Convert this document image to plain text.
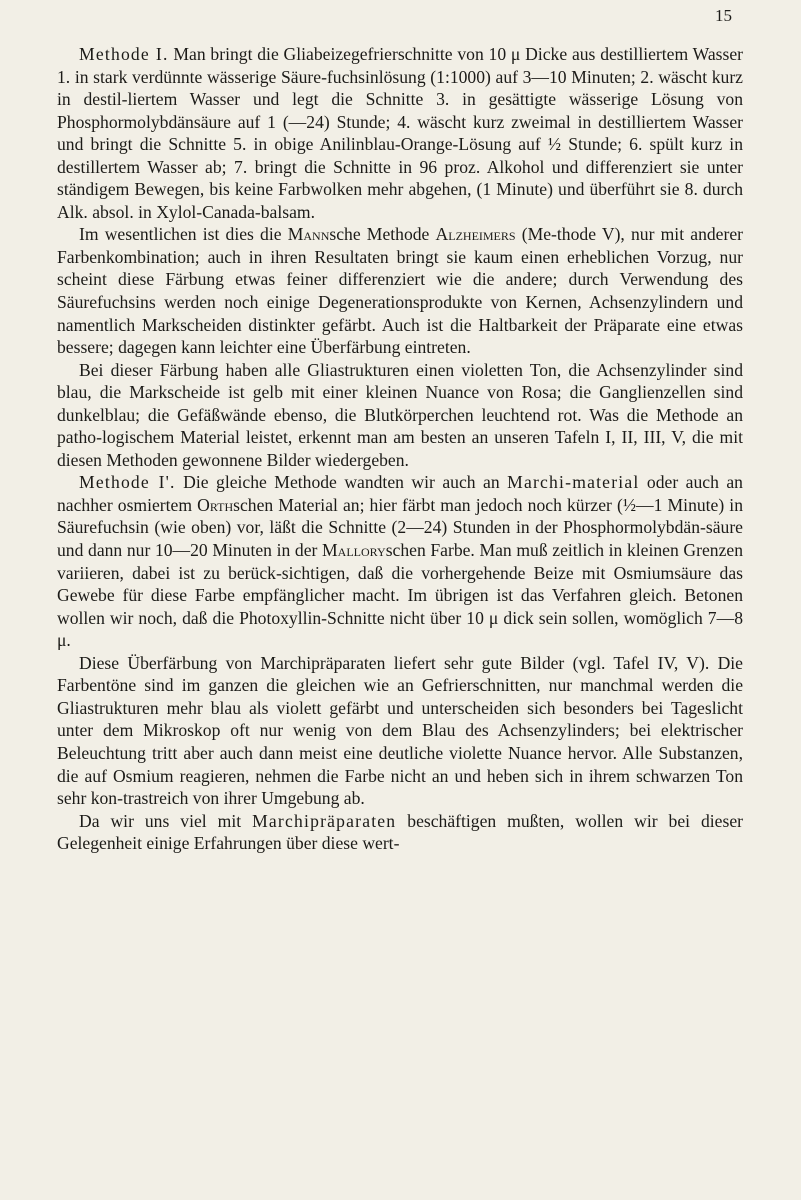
15

Methode I. Man bringt die Gliabeizegefrierschnitte von 10 μ Dicke aus destilliertem Wasser 1. in stark verdünnte wässerige Säure-fuchsinlösung (1:1000) auf 3—10 Minuten; 2. wäscht kurz in destil-liertem Wasser und legt die Schnitte 3. in gesättigte wässerige Lösung von Phosphormolybdänsäure auf 1 (—24) Stunde; 4. wäscht kurz zweimal in destilliertem Wasser und bringt die Schnitte 5. in obige Anilinblau-Orange-Lösung auf ½ Stunde; 6. spült kurz in destillertem Wasser ab; 7. bringt die Schnitte in 96 proz. Alkohol und differenziert sie unter ständigem Bewegen, bis keine Farbwolken mehr abgehen, (1 Minute) und überführt sie 8. durch Alk. absol. in Xylol-Canada-balsam.

Im wesentlichen ist dies die Mannsche Methode Alzheimers (Me-thode V), nur mit anderer Farbenkombination; auch in ihren Resultaten bringt sie kaum einen erheblichen Vorzug, nur scheint diese Färbung etwas feiner differenziert wie die andere; durch Verwendung des Säurefuchsins werden noch einige Degenerationsprodukte von Kernen, Achsenzylindern und namentlich Markscheiden distinkter gefärbt. Auch ist die Haltbarkeit der Präparate eine etwas bessere; dagegen kann leichter eine Überfärbung eintreten.

Bei dieser Färbung haben alle Gliastrukturen einen violetten Ton, die Achsenzylinder sind blau, die Markscheide ist gelb mit einer kleinen Nuance von Rosa; die Ganglienzellen sind dunkelblau; die Gefäßwände ebenso, die Blutkörperchen leuchtend rot. Was die Methode an patho-logischem Material leistet, erkennt man am besten an unseren Tafeln I, II, III, V, die mit diesen Methoden gewonnene Bilder wiedergeben.

Methode I'. Die gleiche Methode wandten wir auch an Marchi-material oder auch an nachher osmiertem Orthschen Material an; hier färbt man jedoch noch kürzer (½—1 Minute) in Säurefuchsin (wie oben) vor, läßt die Schnitte (2—24) Stunden in der Phosphormolybdän-säure und dann nur 10—20 Minuten in der Malloryschen Farbe. Man muß zeitlich in kleinen Grenzen variieren, dabei ist zu berück-sichtigen, daß die vorhergehende Beize mit Osmiumsäure das Gewebe für diese Farbe empfänglicher macht. Im übrigen ist das Verfahren gleich. Betonen wollen wir noch, daß die Photoxyllin-Schnitte nicht über 10 μ dick sein sollen, womöglich 7—8 μ.

Diese Überfärbung von Marchipräparaten liefert sehr gute Bilder (vgl. Tafel IV, V). Die Farbentöne sind im ganzen die gleichen wie an Gefrierschnitten, nur manchmal werden die Gliastrukturen mehr blau als violett gefärbt und unterscheiden sich besonders bei Tageslicht unter dem Mikroskop oft nur wenig von dem Blau des Achsenzylinders; bei elektrischer Beleuchtung tritt aber auch dann meist eine deutliche violette Nuance hervor. Alle Substanzen, die auf Osmium reagieren, nehmen die Farbe nicht an und heben sich in ihrem schwarzen Ton sehr kon-trastreich von ihrer Umgebung ab.

Da wir uns viel mit Marchipräparaten beschäftigen mußten, wollen wir bei dieser Gelegenheit einige Erfahrungen über diese wert-
